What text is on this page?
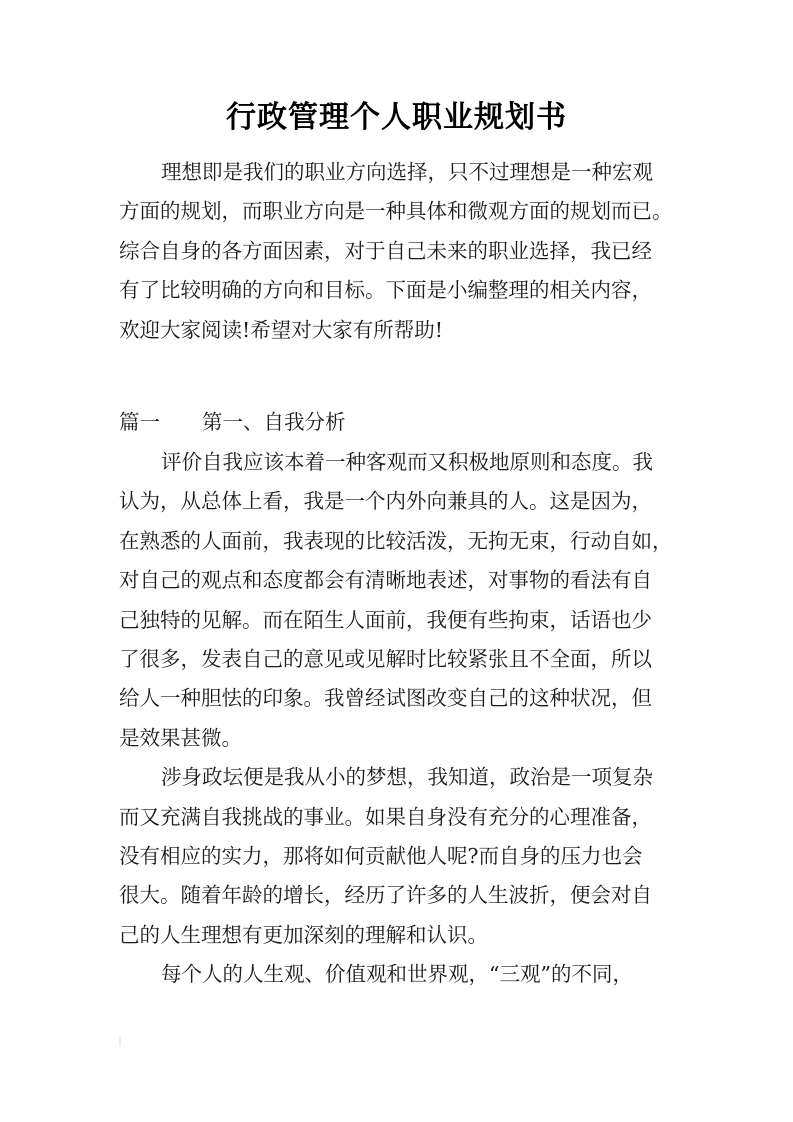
行政管理个人职业规划书
理想即是我们的职业方向选择，只不过理想是一种宏观
方面的规划，而职业方向是一种具体和微观方面的规划而已。
综合自身的各方面因素，对于自己未来的职业选择，我已经
有了比较明确的方向和目标。下面是小编整理的相关内容，
欢迎大家阅读!希望对大家有所帮助!
篇一 第一、自我分析
评价自我应该本着一种客观而又积极地原则和态度。我
认为，从总体上看，我是一个内外向兼具的人。这是因为，
在熟悉的人面前，我表现的比较活泼，无拘无束，行动自如，
对自己的观点和态度都会有清晰地表述，对事物的看法有自
己独特的见解。而在陌生人面前，我便有些拘束，话语也少
了很多，发表自己的意见或见解时比较紧张且不全面，所以
给人一种胆怯的印象。我曾经试图改变自己的这种状况，但
是效果甚微。
涉身政坛便是我从小的梦想，我知道，政治是一项复杂
而又充满自我挑战的事业。如果自身没有充分的心理准备，
没有相应的实力，那将如何贡献他人呢?而自身的压力也会
很大。随着年龄的增长，经历了许多的人生波折，便会对自
己的人生理想有更加深刻的理解和认识。
每个人的人生观、价值观和世界观，“三观”的不同，
